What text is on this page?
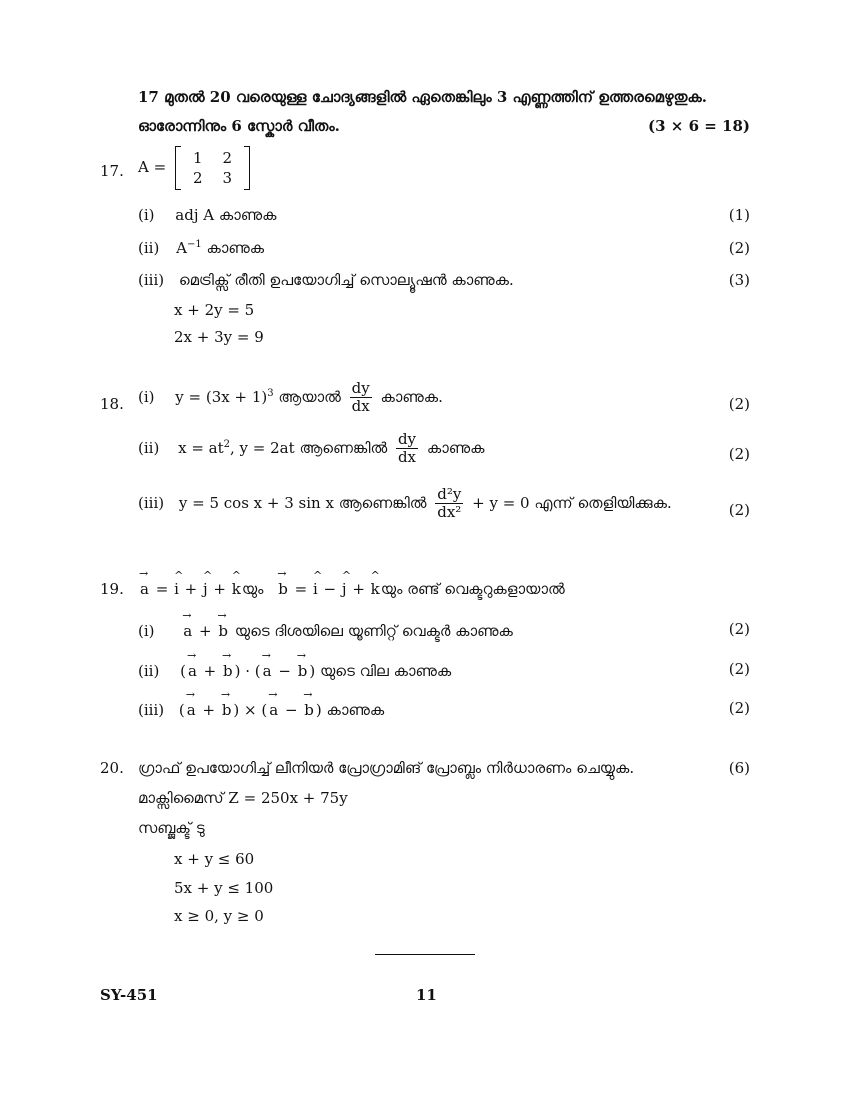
17 മുതൽ 20 വരെയുള്ള ചോദ്യങ്ങളിൽ ഏതെങ്കിലും 3 എണ്ണത്തിന് ഉത്തരമെഴുതുക.
ഓരോന്നിനും 6 സ്കോർ വീതം.	(3 × 6 = 18)
17. A = 1	2
2	3
(i) adj A കാണുക	(1)
(ii) $A^{-1}$ കാണുക	(2)
(iii) മെട്രിക്സ് രീതി ഉപയോഗിച്ച് സൊല്യൂഷൻ കാണുക.	(3)
x + 2y = 5
2x + 3y = 9
18. (i) $y = (3x + 1)^3$ ആയാൽ $\frac{dy}{dx}$ കാണുക.	(2)
(ii) $x = at^2$, y = 2at ആണെങ്കിൽ $\frac{dy}{dx}$ കാണുക	(2)
(iii) y = 5 cos x + 3 sin x ആണെങ്കിൽ $\frac{\text{d²y}}{\text{dx²}} + y = 0$ എന്ന് തെളിയിക്കുക.	(2)
19. → a = ^ i + ^ j + ^ kയും → b = ^ i − ^ j + ^ kയും രണ്ട് വെക്ടറുകളായാൽ
(i) → a + → b യുടെ ദിശയിലെ യൂണിറ്റ് വെക്ടർ കാണുക	(2)
(ii) ( → a + → b ) · ( → a − → b ) യുടെ വില കാണുക	(2)
(iii) ( → a + → b ) × ( → a − → b ) കാണുക	(2)
20. ഗ്രാഫ് ഉപയോഗിച്ച് ലീനിയർ പ്രോഗ്രാമിങ് പ്രോബ്ലം നിർധാരണം ചെയ്യുക.	(6)
മാക്സിമൈസ് Z = 250x + 75y
സബ്ജക്ട് ടു
x + y ≤ 60
5x + y ≤ 100
x ≥ 0, y ≥ 0
SY-451	11
